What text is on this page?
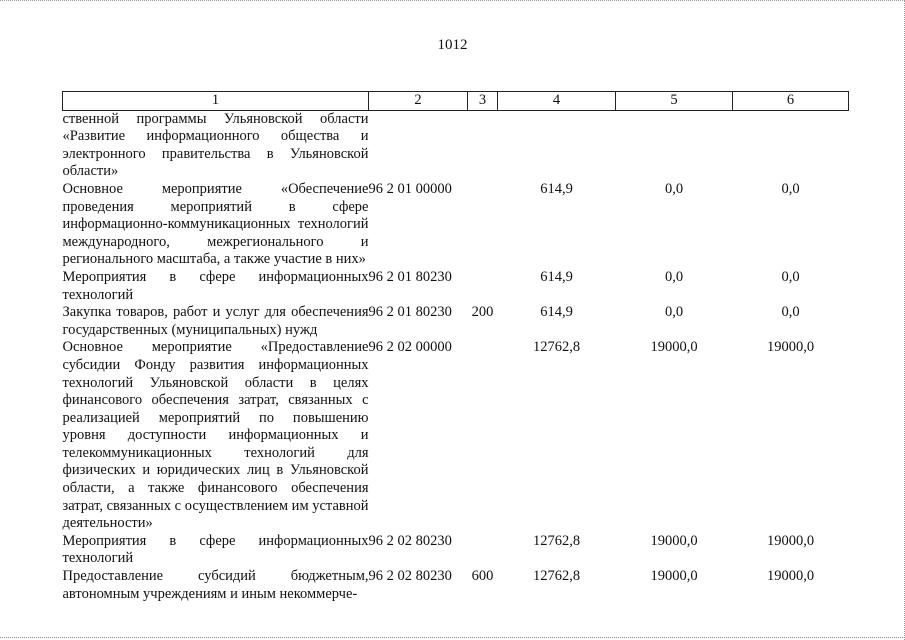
1012
1	2	3	4	5	6
ственной программы Ульяновской области «Развитие информационного общества и электронного правительства в Ульяновской области»					
Основное мероприятие «Обеспечение проведения мероприятий в сфере информационно-коммуникационных технологий международного, межрегионального и регионального масштаба, а также участие в них»	96 2 01 00000		614,9	0,0	0,0
Мероприятия в сфере информационных технологий	96 2 01 80230		614,9	0,0	0,0
Закупка товаров, работ и услуг для обеспечения государственных (муниципальных) нужд	96 2 01 80230	200	614,9	0,0	0,0
Основное мероприятие «Предоставление субсидии Фонду развития информационных технологий Ульяновской области в целях финансового обеспечения затрат, связанных с реализацией мероприятий по повышению уровня доступности информационных и телекоммуникационных технологий для физических и юридических лиц в Ульяновской области, а также финансового обеспечения затрат, связанных с осуществлением им уставной деятельности»	96 2 02 00000		12762,8	19000,0	19000,0
Мероприятия в сфере информационных технологий	96 2 02 80230		12762,8	19000,0	19000,0
Предоставление субсидий бюджетным, автономным учреждениям и иным некоммерче-	96 2 02 80230	600	12762,8	19000,0	19000,0
